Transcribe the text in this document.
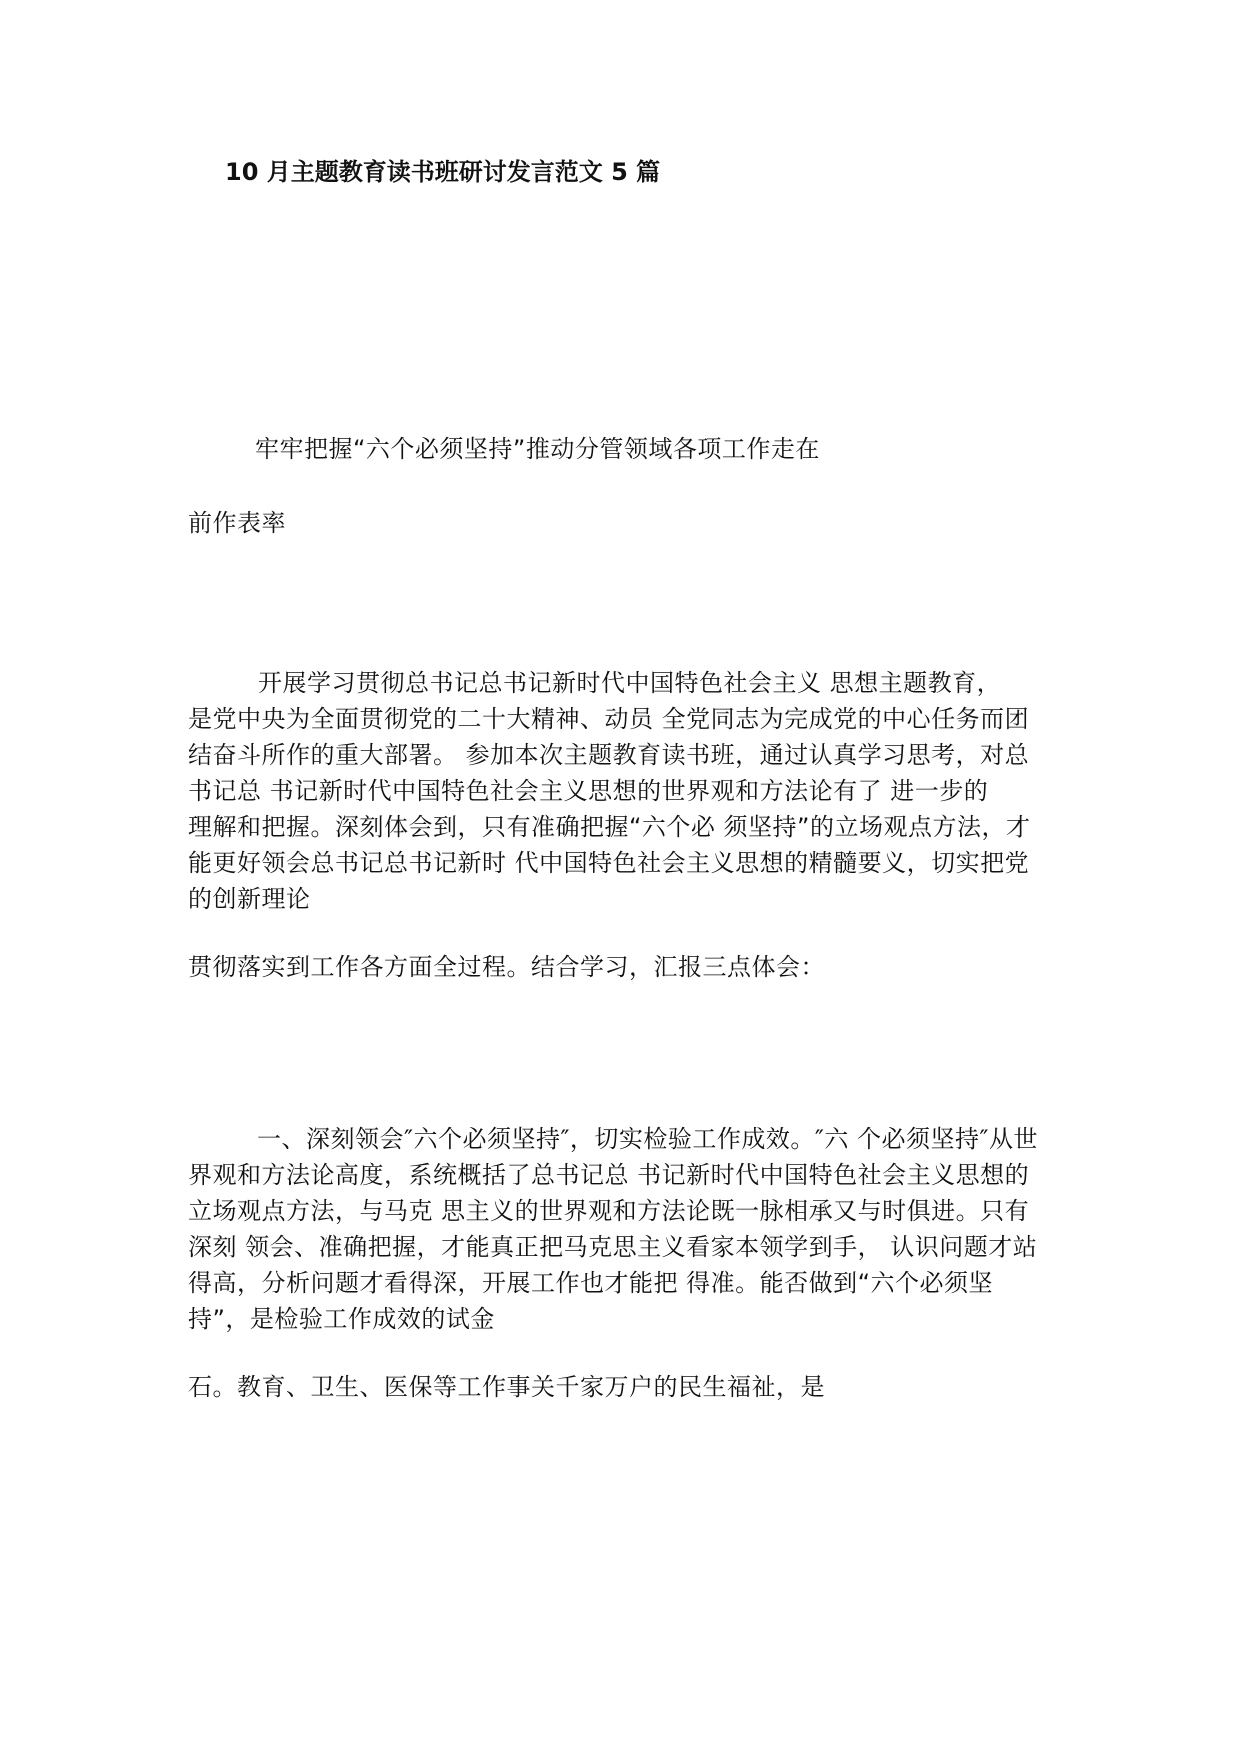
10 月主题教育读书班研讨发言范文 5 篇
牢牢把握“六个必须坚持”推动分管领域各项工作走在
前作表率
开展学习贯彻总书记总书记新时代中国特色社会主义 思想主题教育，
是党中央为全面贯彻党的二十大精神、动员 全党同志为完成党的中心任务而团
结奋斗所作的重大部署。 参加本次主题教育读书班，通过认真学习思考，对总
书记总 书记新时代中国特色社会主义思想的世界观和方法论有了 进一步的
理解和把握。深刻体会到，只有准确把握“六个必 须坚持”的立场观点方法，才
能更好领会总书记总书记新时 代中国特色社会主义思想的精髓要义，切实把党
的创新理论
贯彻落实到工作各方面全过程。结合学习，汇报三点体会：
一、深刻领会″六个必须坚持″，切实检验工作成效。″六 个必须坚持″从世
界观和方法论高度，系统概括了总书记总 书记新时代中国特色社会主义思想的
立场观点方法，与马克 思主义的世界观和方法论既一脉相承又与时俱进。只有
深刻 领会、准确把握，才能真正把马克思主义看家本领学到手， 认识问题才站
得高，分析问题才看得深，开展工作也才能把 得准。能否做到“六个必须坚
持”，是检验工作成效的试金
石。教育、卫生、医保等工作事关千家万户的民生福祉，是
